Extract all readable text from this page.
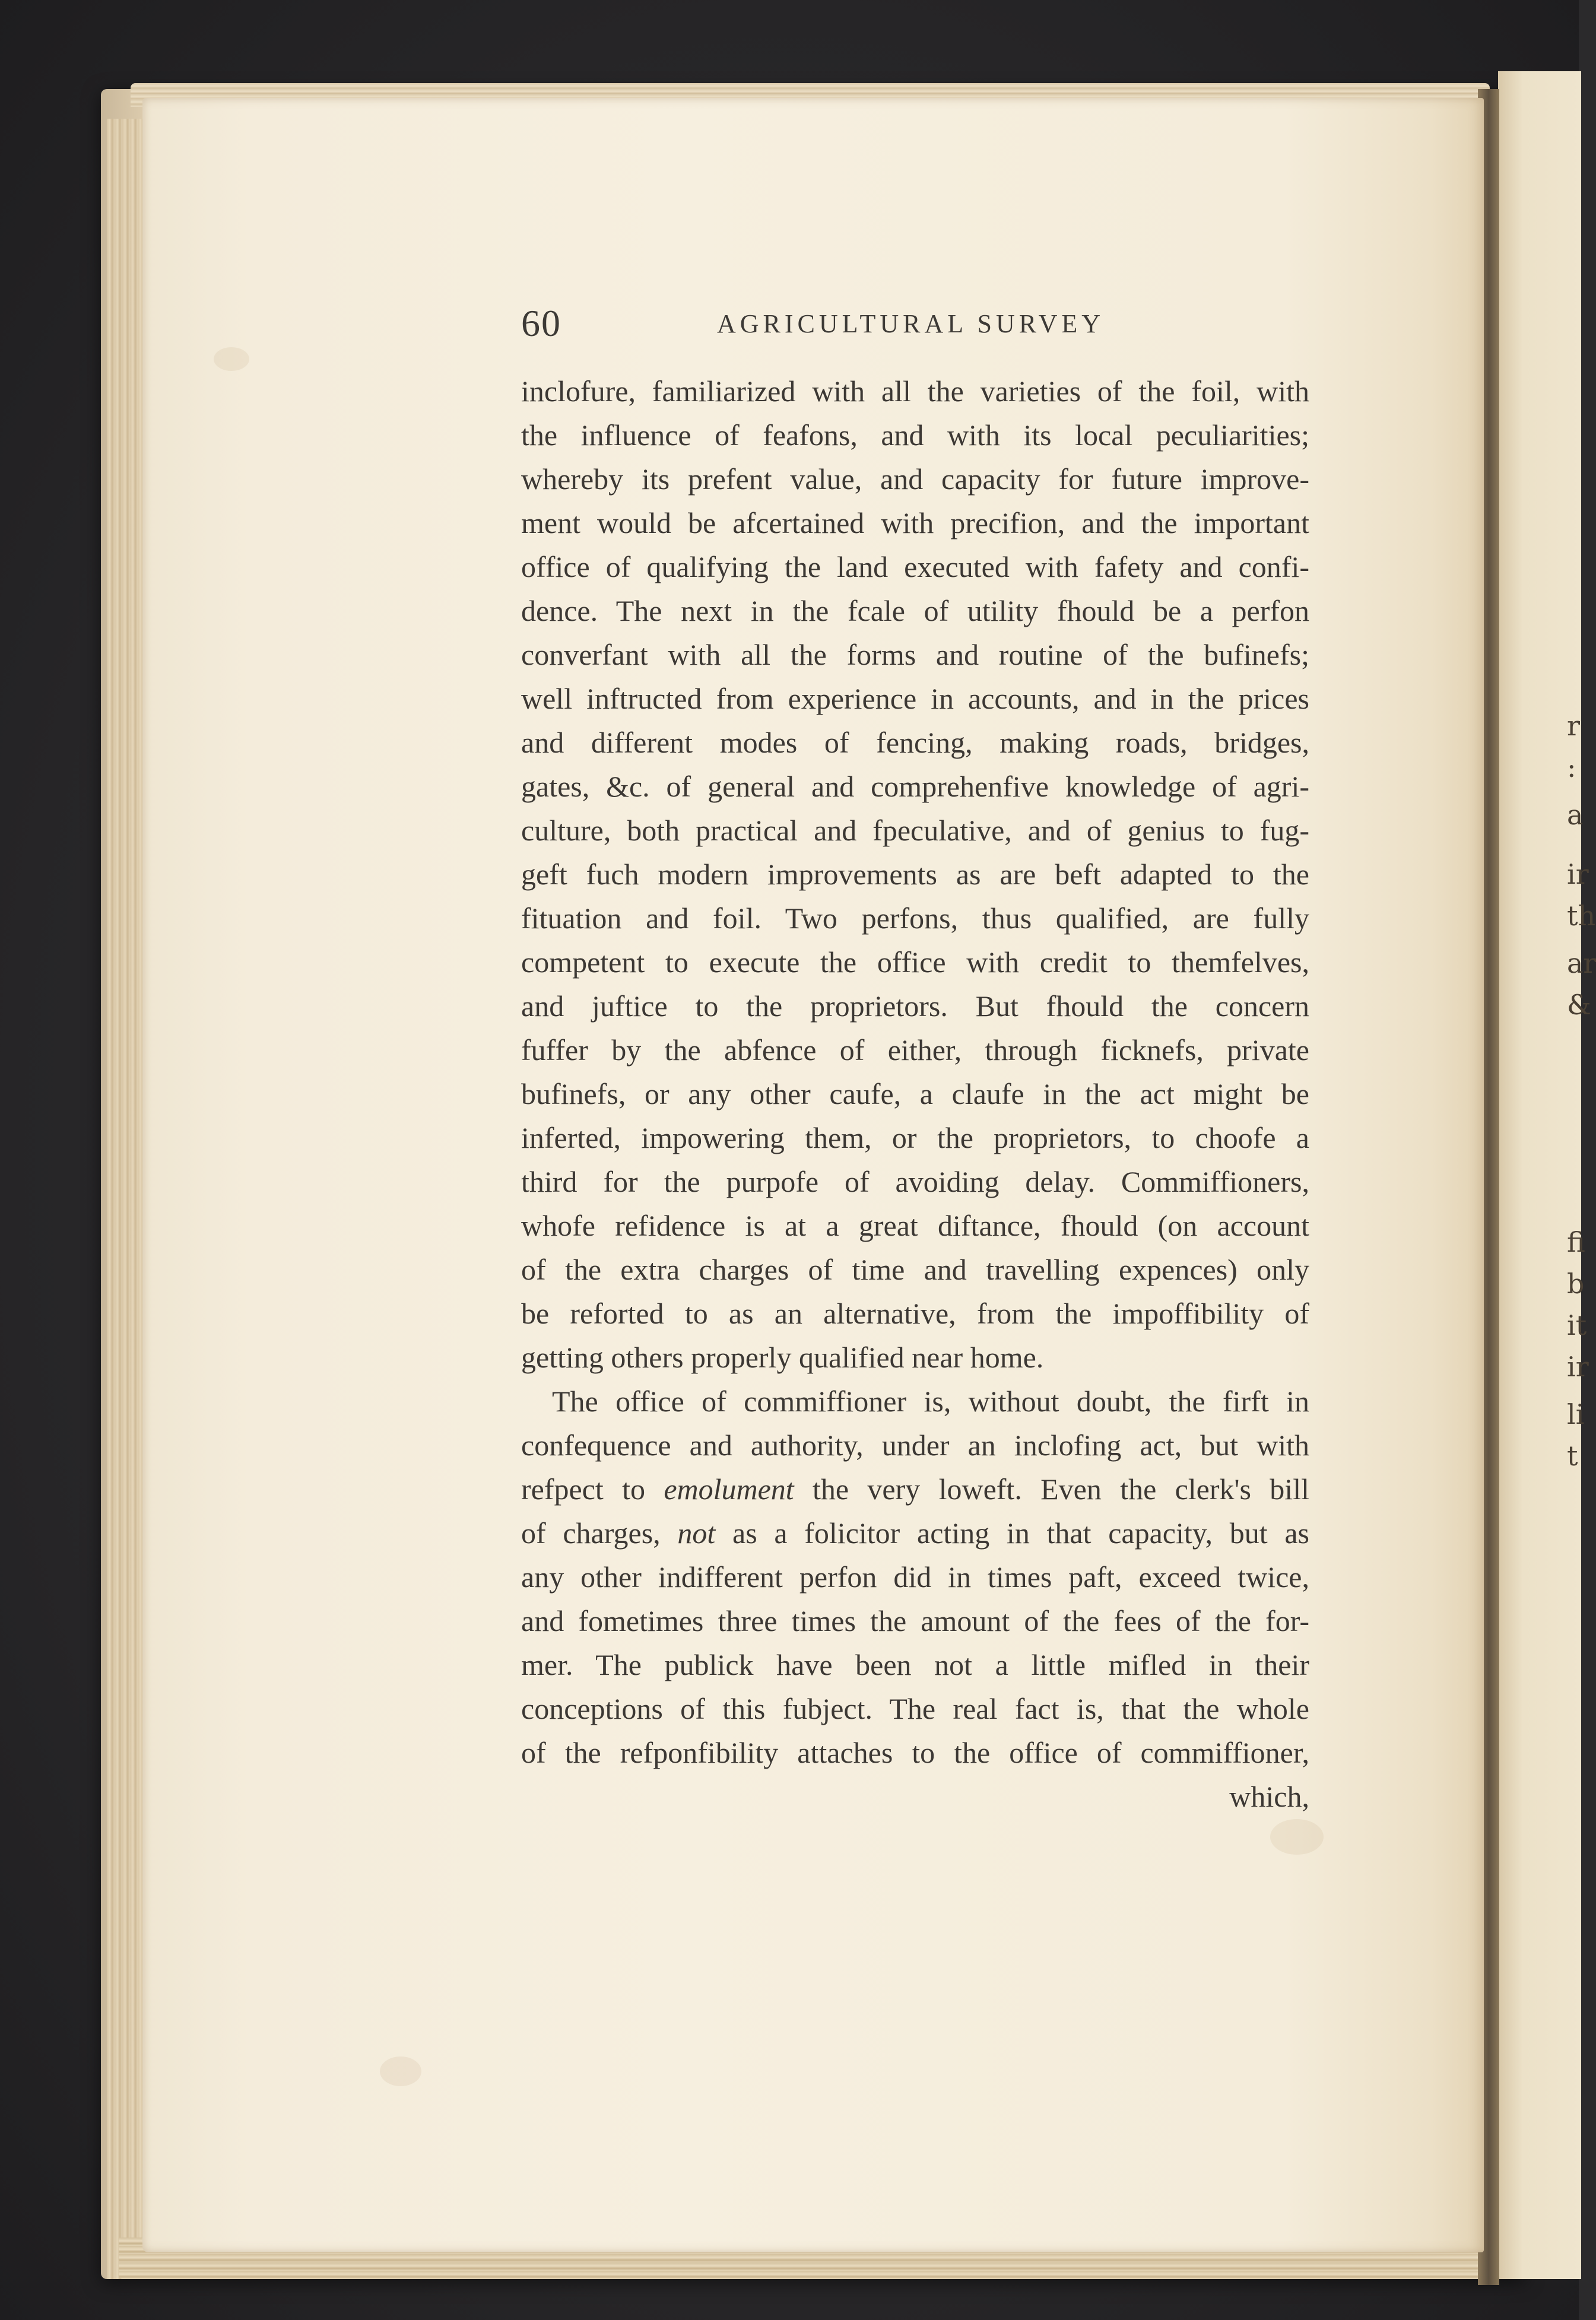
60	AGRICULTURAL SURVEY
inclofure, familiarized with all the varieties of the foil, with
the influence of feafons, and with its local peculiarities;
whereby its prefent value, and capacity for future improve-
ment would be afcertained with precifion, and the important
office of qualifying the land executed with fafety and confi-
dence. The next in the fcale of utility fhould be a perfon
converfant with all the forms and routine of the bufinefs;
well inftructed from experience in accounts, and in the prices
and different modes of fencing, making roads, bridges,
gates, &c. of general and comprehenfive knowledge of agri-
culture, both practical and fpeculative, and of genius to fug-
geft fuch modern improvements as are beft adapted to the
fituation and foil. Two perfons, thus qualified, are fully
competent to execute the office with credit to themfelves,
and juftice to the proprietors. But fhould the concern
fuffer by the abfence of either, through ficknefs, private
bufinefs, or any other caufe, a claufe in the act might be
inferted, impowering them, or the proprietors, to choofe a
third for the purpofe of avoiding delay. Commiffioners,
whofe refidence is at a great diftance, fhould (on account
of the extra charges of time and travelling expences) only
be reforted to as an alternative, from the impoffibility of
getting others properly qualified near home.
The office of commiffioner is, without doubt, the firft in
confequence and authority, under an inclofing act, but with
refpect to emolument the very loweft. Even the clerk's bill
of charges, not as a folicitor acting in that capacity, but as
any other indifferent perfon did in times paft, exceed twice,
and fometimes three times the amount of the fees of the for-
mer. The publick have been not a little mifled in their
conceptions of this fubject. The real fact is, that the whole
of the refponfibility attaches to the office of commiffioner,
which,
r
:
a
ir
th
ar
&
fi
b
it
ir
li
t
